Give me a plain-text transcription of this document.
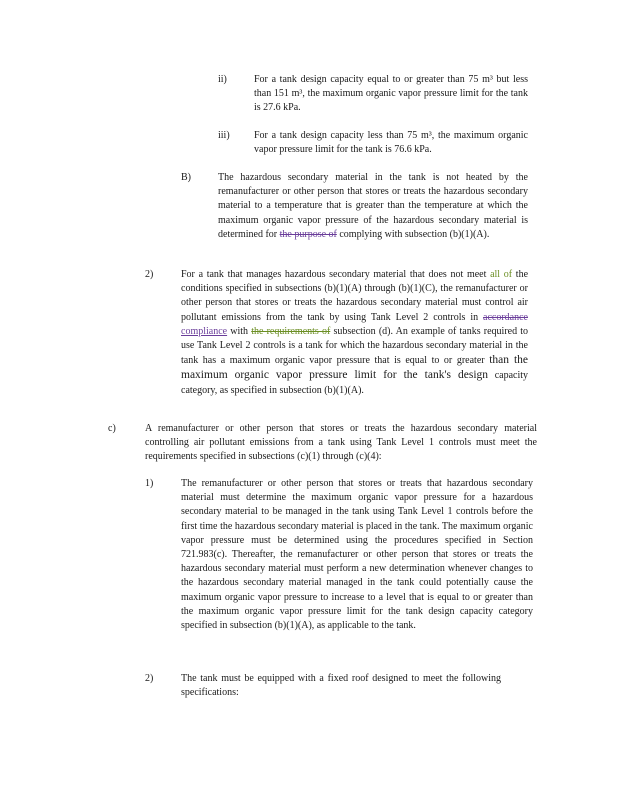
ii)	For a tank design capacity equal to or greater than 75 m³ but less than 151 m³, the maximum organic vapor pressure limit for the tank is 27.6 kPa.
iii) For a tank design capacity less than 75 m³, the maximum organic vapor pressure limit for the tank is 76.6 kPa.
B)	The hazardous secondary material in the tank is not heated by the remanufacturer or other person that stores or treats the hazardous secondary material to a temperature that is greater than the temperature at which the maximum organic vapor pressure of the hazardous secondary material is determined for the purpose of complying with subsection (b)(1)(A).
2)	For a tank that manages hazardous secondary material that does not meet all of the conditions specified in subsections (b)(1)(A) through (b)(1)(C), the remanufacturer or other person that stores or treats the hazardous secondary material must control air pollutant emissions from the tank by using Tank Level 2 controls in accordance compliance with the requirements of subsection (d). An example of tanks required to use Tank Level 2 controls is a tank for which the hazardous secondary material in the tank has a maximum organic vapor pressure that is equal to or greater than the maximum organic vapor pressure limit for the tank's design capacity category, as specified in subsection (b)(1)(A).
c)	A remanufacturer or other person that stores or treats the hazardous secondary material controlling air pollutant emissions from a tank using Tank Level 1 controls must meet the requirements specified in subsections (c)(1) through (c)(4):
1)	The remanufacturer or other person that stores or treats that hazardous secondary material must determine the maximum organic vapor pressure for a hazardous secondary material to be managed in the tank using Tank Level 1 controls before the first time the hazardous secondary material is placed in the tank. The maximum organic vapor pressure must be determined using the procedures specified in Section 721.983(c). Thereafter, the remanufacturer or other person that stores or treats the hazardous secondary material must perform a new determination whenever changes to the hazardous secondary material managed in the tank could potentially cause the maximum organic vapor pressure to increase to a level that is equal to or greater than the maximum organic vapor pressure limit for the tank design capacity category specified in subsection (b)(1)(A), as applicable to the tank.
2)	The tank must be equipped with a fixed roof designed to meet the following specifications:
